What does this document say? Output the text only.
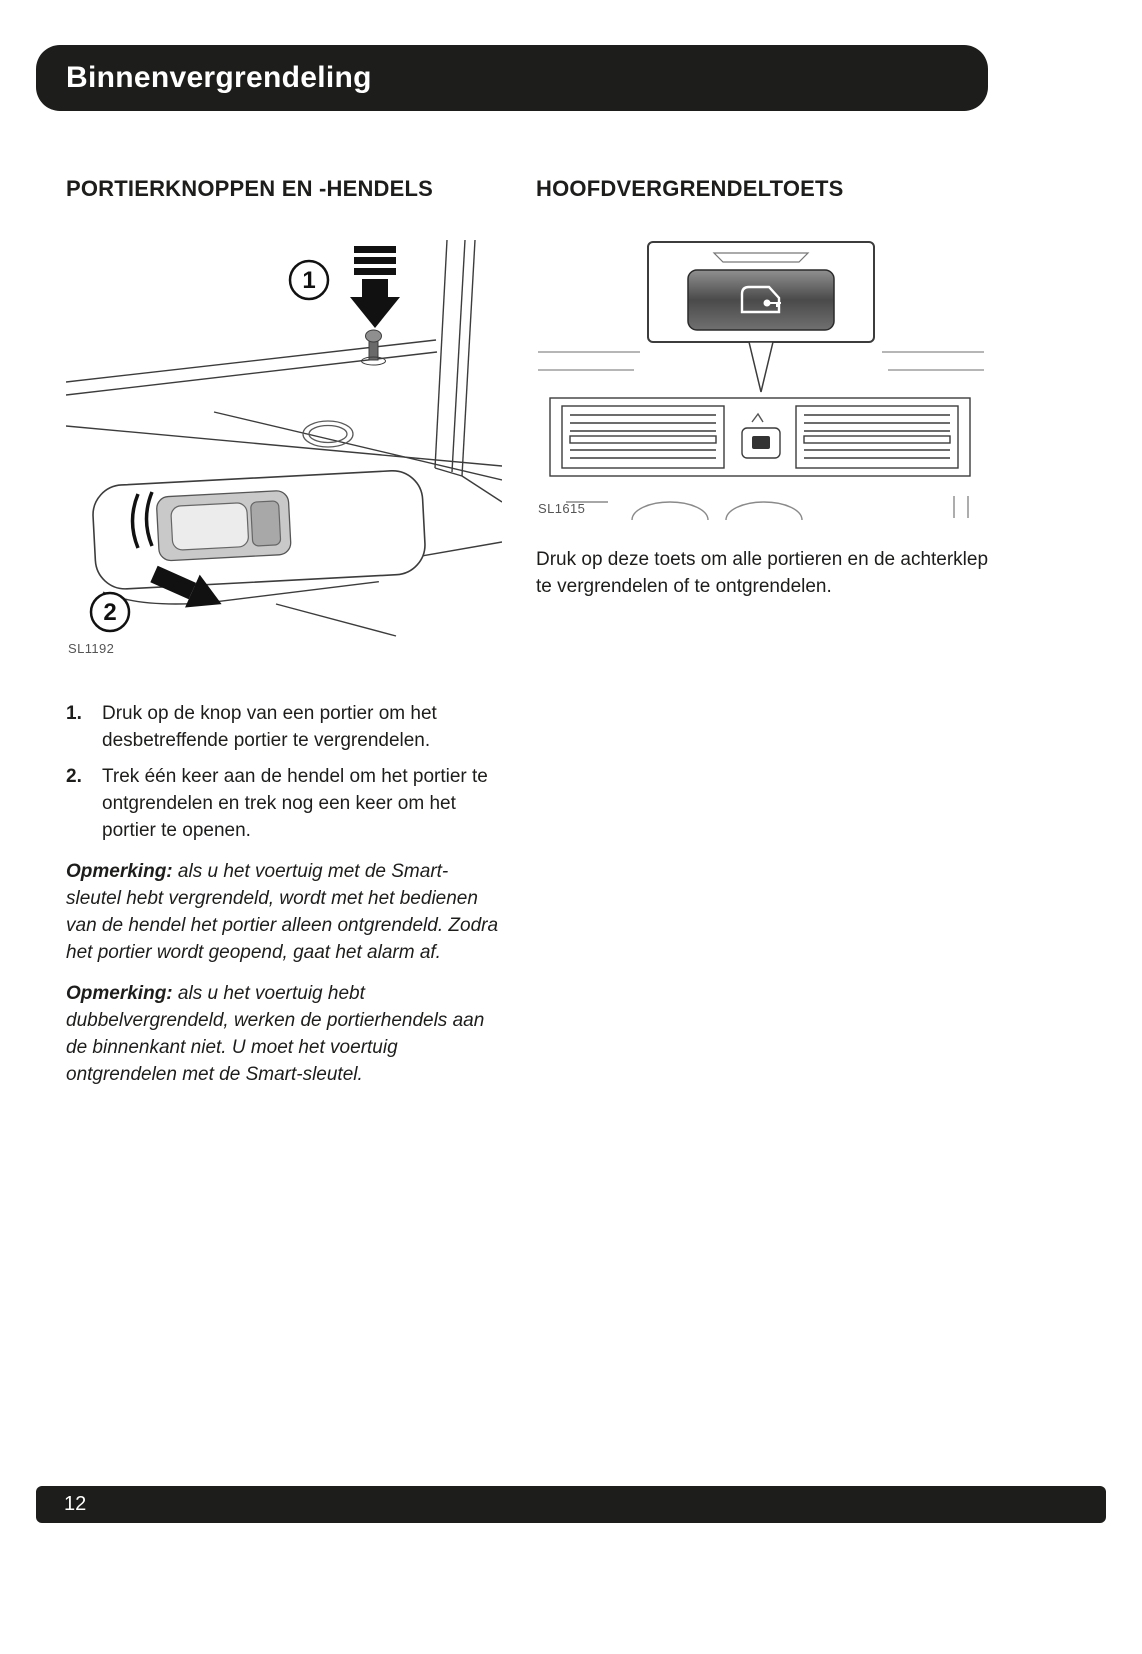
Binnenvergrendeling
PORTIERKNOPPEN EN -HENDELS
1
2
SL1192
1.	Druk op de knop van een portier om het desbetreffende portier te vergrendelen.
2.	Trek één keer aan de hendel om het portier te ontgrendelen en trek nog een keer om het portier te openen.

Opmerking: als u het voertuig met de Smart-sleutel hebt vergrendeld, wordt met het bedienen van de hendel het portier alleen ontgrendeld. Zodra het portier wordt geopend, gaat het alarm af.

Opmerking: als u het voertuig hebt dubbelvergrendeld, werken de portierhendels aan de binnenkant niet. U moet het voertuig ontgrendelen met de Smart-sleutel.

HOOFDVERGRENDELTOETS
SL1615

Druk op deze toets om alle portieren en de achterklep te vergrendelen of te ontgrendelen.

12
